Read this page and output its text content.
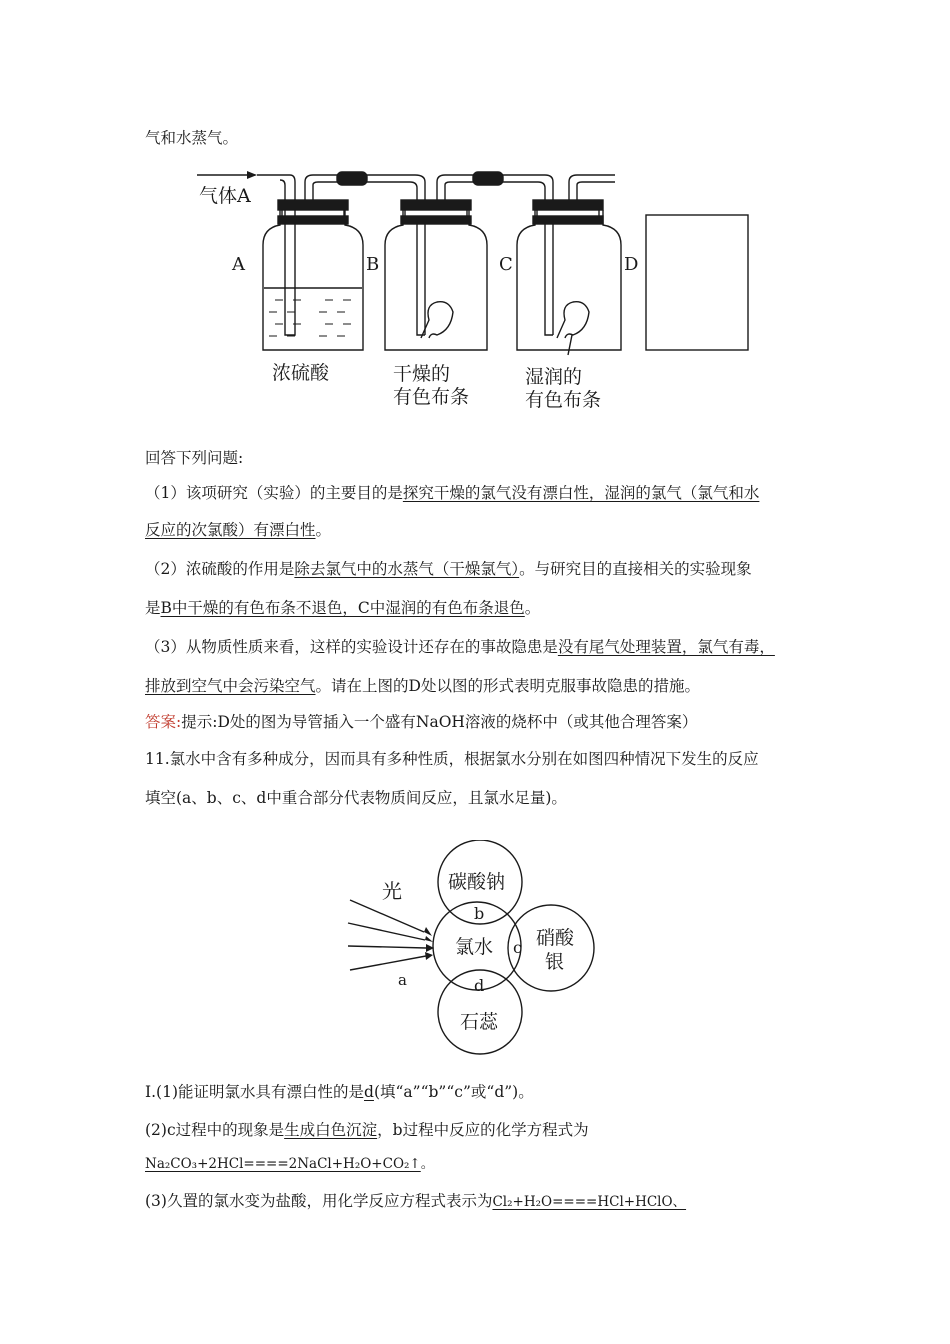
气和水蒸气。
气体A
A	B	C	D
浓硫酸	干燥的
有色布条
湿润的
有色布条
回答下列问题:
（1）该项研究（实验）的主要目的是探究干燥的氯气没有漂白性，湿润的氯气（氯气和水
反应的次氯酸）有漂白性。
（2）浓硫酸的作用是除去氯气中的水蒸气（干燥氯气）。与研究目的直接相关的实验现象
是B中干燥的有色布条不退色，C中湿润的有色布条退色。
（3）从物质性质来看，这样的实验设计还存在的事故隐患是没有尾气处理装置，氯气有毒，
排放到空气中会污染空气。请在上图的D处以图的形式表明克服事故隐患的措施。
答案:提示:D处的图为导管插入一个盛有NaOH溶液的烧杯中（或其他合理答案）
11.氯水中含有多种成分，因而具有多种性质，根据氯水分别在如图四种情况下发生的反应
填空(a、b、c、d中重合部分代表物质间反应，且氯水足量)。
光
a
碳酸钠
b
氯水 c 硝酸
银
d
石蕊
Ⅰ.(1)能证明氯水具有漂白性的是d(填“a”“b”“c”或“d”)。
(2)c过程中的现象是生成白色沉淀，b过程中反应的化学方程式为
Na₂CO₃+2HCl====2NaCl+H₂O+CO₂↑。
(3)久置的氯水变为盐酸，用化学反应方程式表示为Cl₂+H₂O====HCl+HClO、
